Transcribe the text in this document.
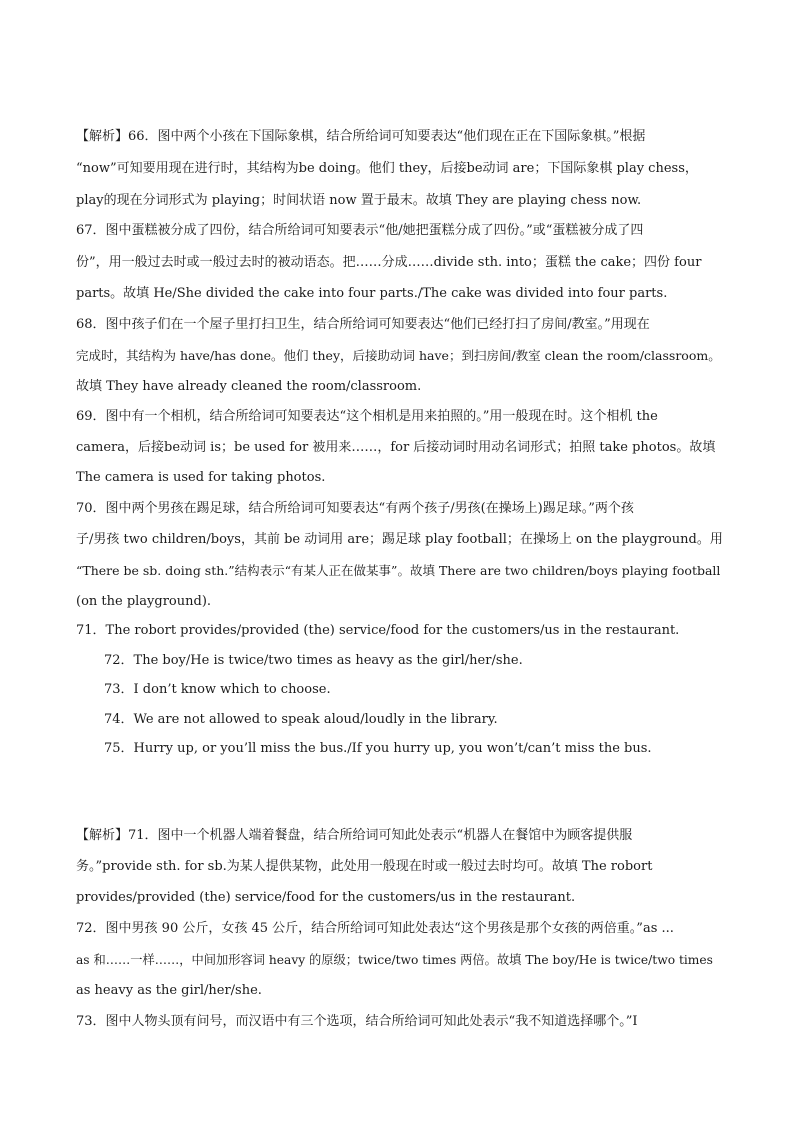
【解析】66．图中两个小孩在下国际象棋，结合所给词可知要表达“他们现在正在下国际象棋。”根据
“now”可知要用现在进行时，其结构为be doing。他们 they，后接be动词 are；下国际象棋 play chess，
play的现在分词形式为 playing；时间状语 now 置于最末。故填 They are playing chess now.
67．图中蛋糕被分成了四份，结合所给词可知要表示“他/她把蛋糕分成了四份。”或“蛋糕被分成了四
份”，用一般过去时或一般过去时的被动语态。把……分成……divide sth. into；蛋糕 the cake；四份 four
parts。故填 He/She divided the cake into four parts./The cake was divided into four parts.
68．图中孩子们在一个屋子里打扫卫生，结合所给词可知要表达“他们已经打扫了房间/教室。”用现在
完成时，其结构为 have/has done。他们 they，后接助动词 have；到扫房间/教室 clean the room/classroom。
故填 They have already cleaned the room/classroom.
69．图中有一个相机，结合所给词可知要表达“这个相机是用来拍照的。”用一般现在时。这个相机 the
camera，后接be动词 is；be used for 被用来……，for 后接动词时用动名词形式；拍照 take photos。故填
The camera is used for taking photos.
70．图中两个男孩在踢足球，结合所给词可知要表达“有两个孩子/男孩(在操场上)踢足球。”两个孩
子/男孩 two children/boys，其前 be 动词用 are；踢足球 play football；在操场上 on the playground。用
“There be sb. doing sth.”结构表示“有某人正在做某事”。故填 There are two children/boys playing football
(on the playground).
71．The robort provides/provided (the) service/food for the customers/us in the restaurant.
72．The boy/He is twice/two times as heavy as the girl/her/she.
73．I don’t know which to choose.
74．We are not allowed to speak aloud/loudly in the library.
75．Hurry up, or you’ll miss the bus./If you hurry up, you won’t/can’t miss the bus.
【解析】71．图中一个机器人端着餐盘，结合所给词可知此处表示“机器人在餐馆中为顾客提供服
务。”provide sth. for sb.为某人提供某物，此处用一般现在时或一般过去时均可。故填 The robort
provides/provided (the) service/food for the customers/us in the restaurant.
72．图中男孩 90 公斤，女孩 45 公斤，结合所给词可知此处表达“这个男孩是那个女孩的两倍重。”as ...
as 和……一样……，中间加形容词 heavy 的原级；twice/two times 两倍。故填 The boy/He is twice/two times
as heavy as the girl/her/she.
73．图中人物头顶有问号，而汉语中有三个选项，结合所给词可知此处表示“我不知道选择哪个。”I
